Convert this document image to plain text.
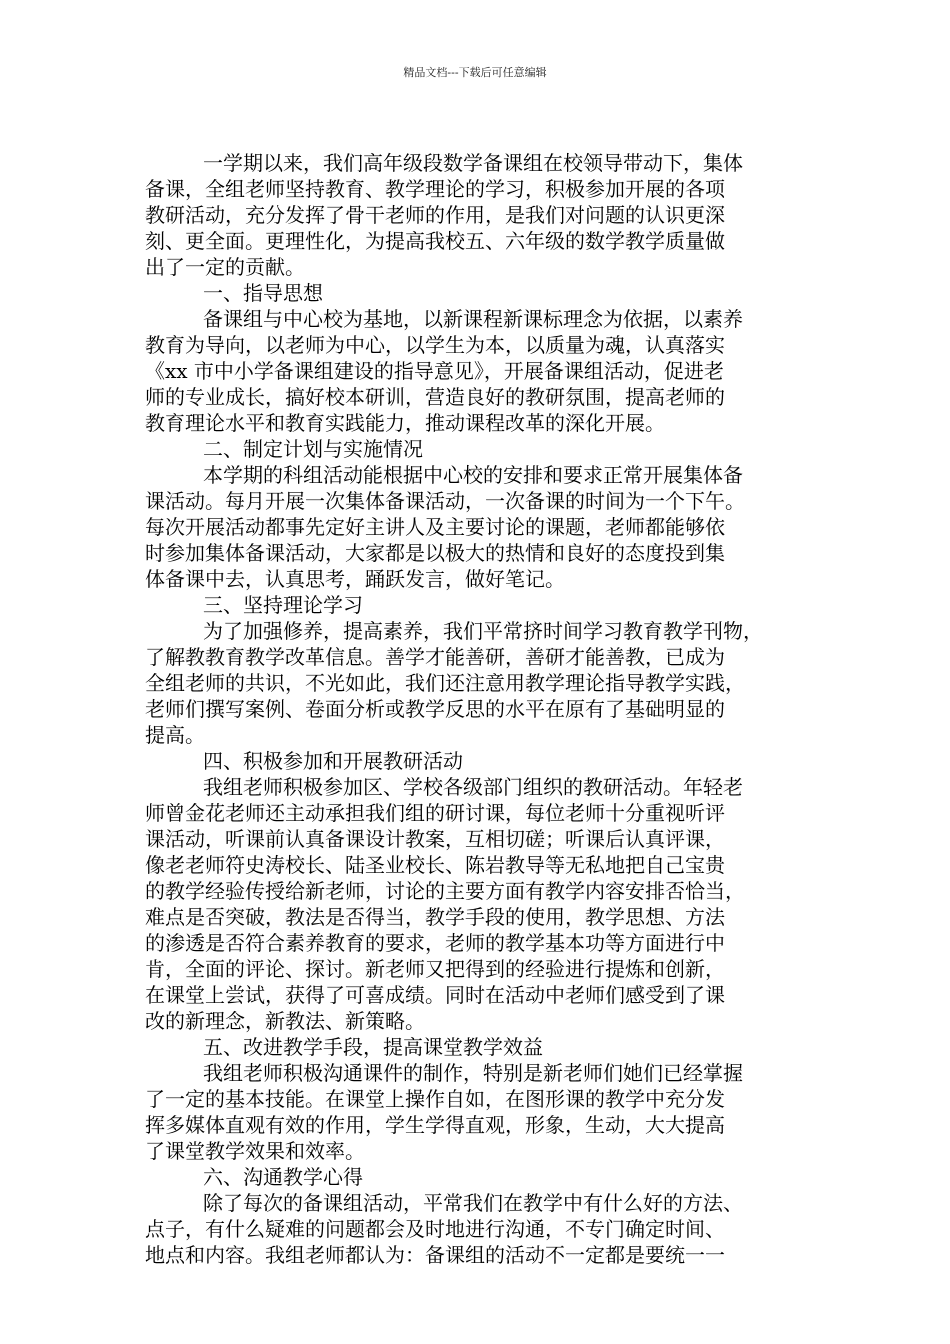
精品文档---下载后可任意编辑
一学期以来，我们高年级段数学备课组在校领导带动下，集体
备课，全组老师坚持教育、教学理论的学习，积极参加开展的各项
教研活动，充分发挥了骨干老师的作用，是我们对问题的认识更深
刻、更全面。更理性化，为提高我校五、六年级的数学教学质量做
出了一定的贡献。
一、指导思想
备课组与中心校为基地，以新课程新课标理念为依据，以素养
教育为导向，以老师为中心，以学生为本，以质量为魂，认真落实
《xx 市中小学备课组建设的指导意见》，开展备课组活动，促进老
师的专业成长，搞好校本研训，营造良好的教研氛围，提高老师的
教育理论水平和教育实践能力，推动课程改革的深化开展。
二、制定计划与实施情况
本学期的科组活动能根据中心校的安排和要求正常开展集体备
课活动。每月开展一次集体备课活动，一次备课的时间为一个下午。
每次开展活动都事先定好主讲人及主要讨论的课题，老师都能够依
时参加集体备课活动，大家都是以极大的热情和良好的态度投到集
体备课中去，认真思考，踊跃发言，做好笔记。
三、坚持理论学习
为了加强修养，提高素养，我们平常挤时间学习教育教学刊物，
了解教教育教学改革信息。善学才能善研，善研才能善教，已成为
全组老师的共识，不光如此，我们还注意用教学理论指导教学实践，
老师们撰写案例、卷面分析或教学反思的水平在原有了基础明显的
提高。
四、积极参加和开展教研活动
我组老师积极参加区、学校各级部门组织的教研活动。年轻老
师曾金花老师还主动承担我们组的研讨课，每位老师十分重视听评
课活动，听课前认真备课设计教案，互相切磋；听课后认真评课，
像老老师符史涛校长、陆圣业校长、陈岩教导等无私地把自己宝贵
的教学经验传授给新老师，讨论的主要方面有教学内容安排否恰当，
难点是否突破，教法是否得当，教学手段的使用，教学思想、方法
的渗透是否符合素养教育的要求，老师的教学基本功等方面进行中
肯，全面的评论、探讨。新老师又把得到的经验进行提炼和创新，
在课堂上尝试，获得了可喜成绩。同时在活动中老师们感受到了课
改的新理念，新教法、新策略。
五、改进教学手段，提高课堂教学效益
我组老师积极沟通课件的制作，特别是新老师们她们已经掌握
了一定的基本技能。在课堂上操作自如，在图形课的教学中充分发
挥多媒体直观有效的作用，学生学得直观，形象，生动，大大提高
了课堂教学效果和效率。
六、沟通教学心得
除了每次的备课组活动，平常我们在教学中有什么好的方法、
点子，有什么疑难的问题都会及时地进行沟通，不专门确定时间、
地点和内容。我组老师都认为：备课组的活动不一定都是要统一一
